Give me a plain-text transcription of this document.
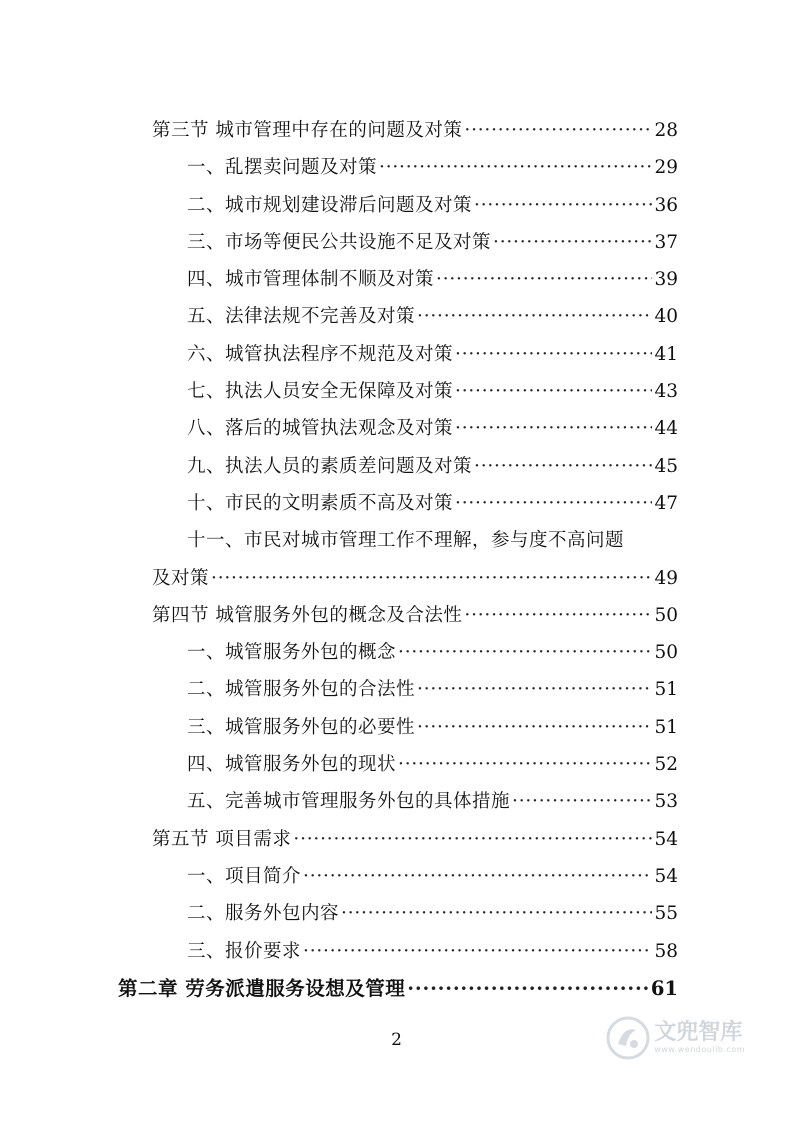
第三节 城市管理中存在的问题及对策 ·····	28
一、乱摆卖问题及对策 ·····	29
二、城市规划建设滞后问题及对策 ·····	36
三、市场等便民公共设施不足及对策 ·····	37
四、城市管理体制不顺及对策 ·····	39
五、法律法规不完善及对策 ·····	40
六、城管执法程序不规范及对策 ·····	41
七、执法人员安全无保障及对策 ·····	43
八、落后的城管执法观念及对策 ·····	44
九、执法人员的素质差问题及对策 ·····	45
十、市民的文明素质不高及对策 ·····	47
十一、市民对城市管理工作不理解，参与度不高问题
及对策 ·····	49
第四节 城管服务外包的概念及合法性 ·····	50
一、城管服务外包的概念 ·····	50
二、城管服务外包的合法性 ·····	51
三、城管服务外包的必要性 ·····	51
四、城管服务外包的现状 ·····	52
五、完善城市管理服务外包的具体措施 ·····	53
第五节 项目需求 ·····	54
一、项目简介 ·····	54
二、服务外包内容 ·····	55
三、报价要求 ·····	58
第二章 劳务派遣服务设想及管理 ·····	61
2	文兜智库
www.wendoulib.com
